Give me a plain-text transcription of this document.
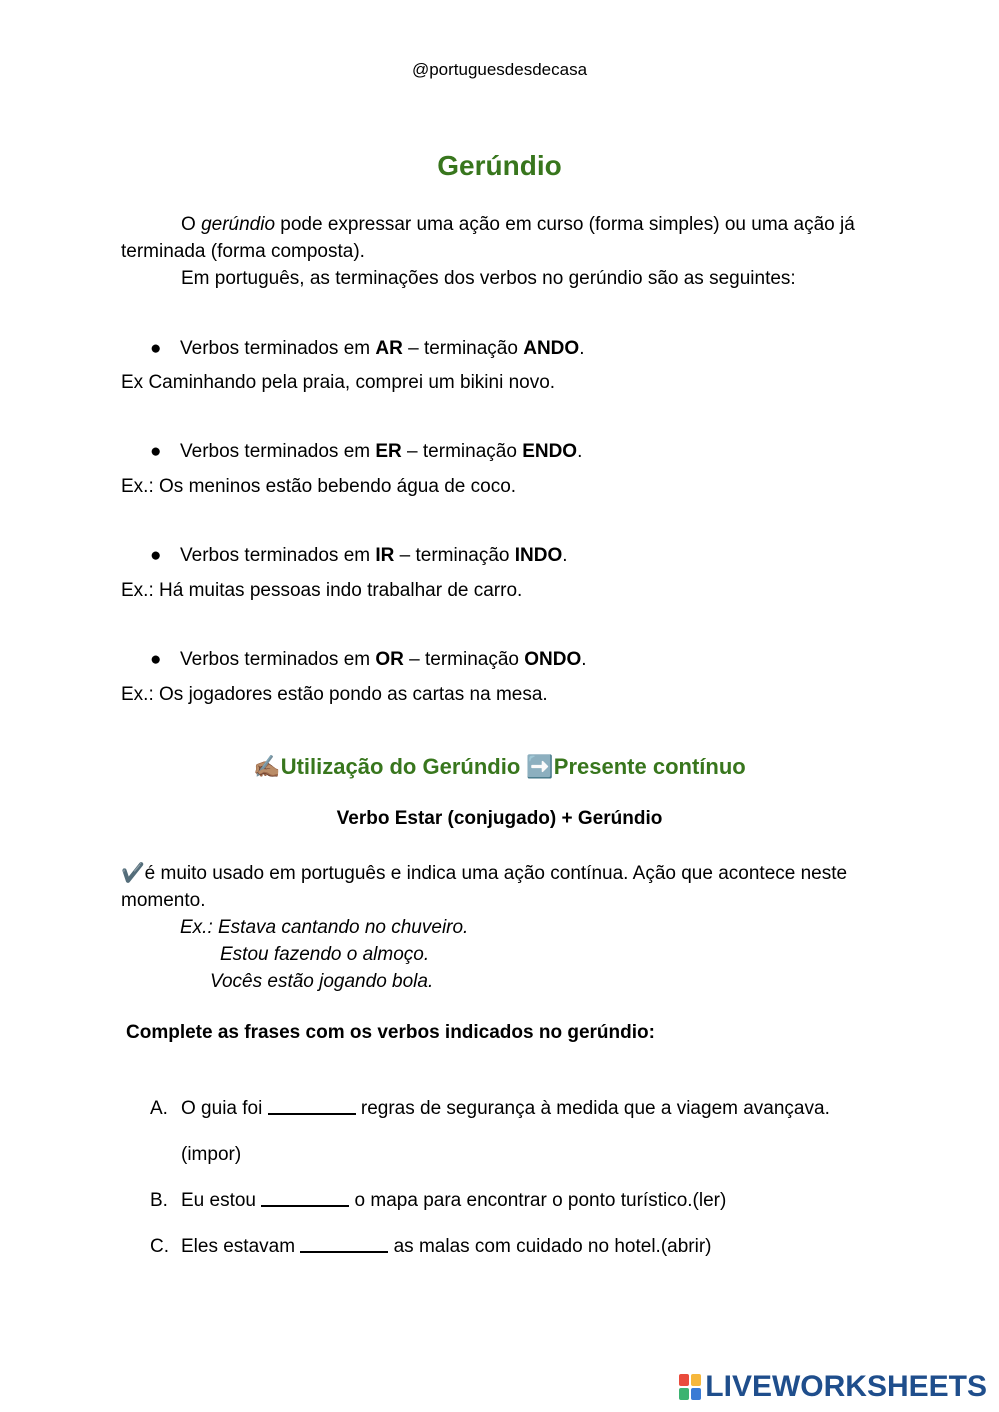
@portuguesdesdecasa
Gerúndio
O gerúndio pode expressar uma ação em curso (forma simples) ou uma ação já terminada (forma composta).
Em português, as terminações dos verbos no gerúndio são as seguintes:
● Verbos terminados em AR – terminação ANDO.
Ex Caminhando pela praia, comprei um bikini novo.
● Verbos terminados em ER – terminação ENDO.
Ex.: Os meninos estão bebendo água de coco.
● Verbos terminados em IR – terminação INDO.
Ex.: Há muitas pessoas indo trabalhar de carro.
● Verbos terminados em OR – terminação ONDO.
Ex.: Os jogadores estão pondo as cartas na mesa.
✍🏽Utilização do Gerúndio ➡️Presente contínuo
Verbo Estar (conjugado) + Gerúndio
✔️é muito usado em português e indica uma ação contínua. Ação que acontece neste momento.
Ex.: Estava cantando no chuveiro.
Estou fazendo o almoço.
Vocês estão jogando bola.
Complete as frases com os verbos indicados no gerúndio:
A. O guia foi	regras de segurança à medida que a viagem avançava.
(impor)
B. Eu estou	o mapa para encontrar o ponto turístico.(ler)
C. Eles estavam	as malas com cuidado no hotel.(abrir)
LIVEWORKSHEETS
